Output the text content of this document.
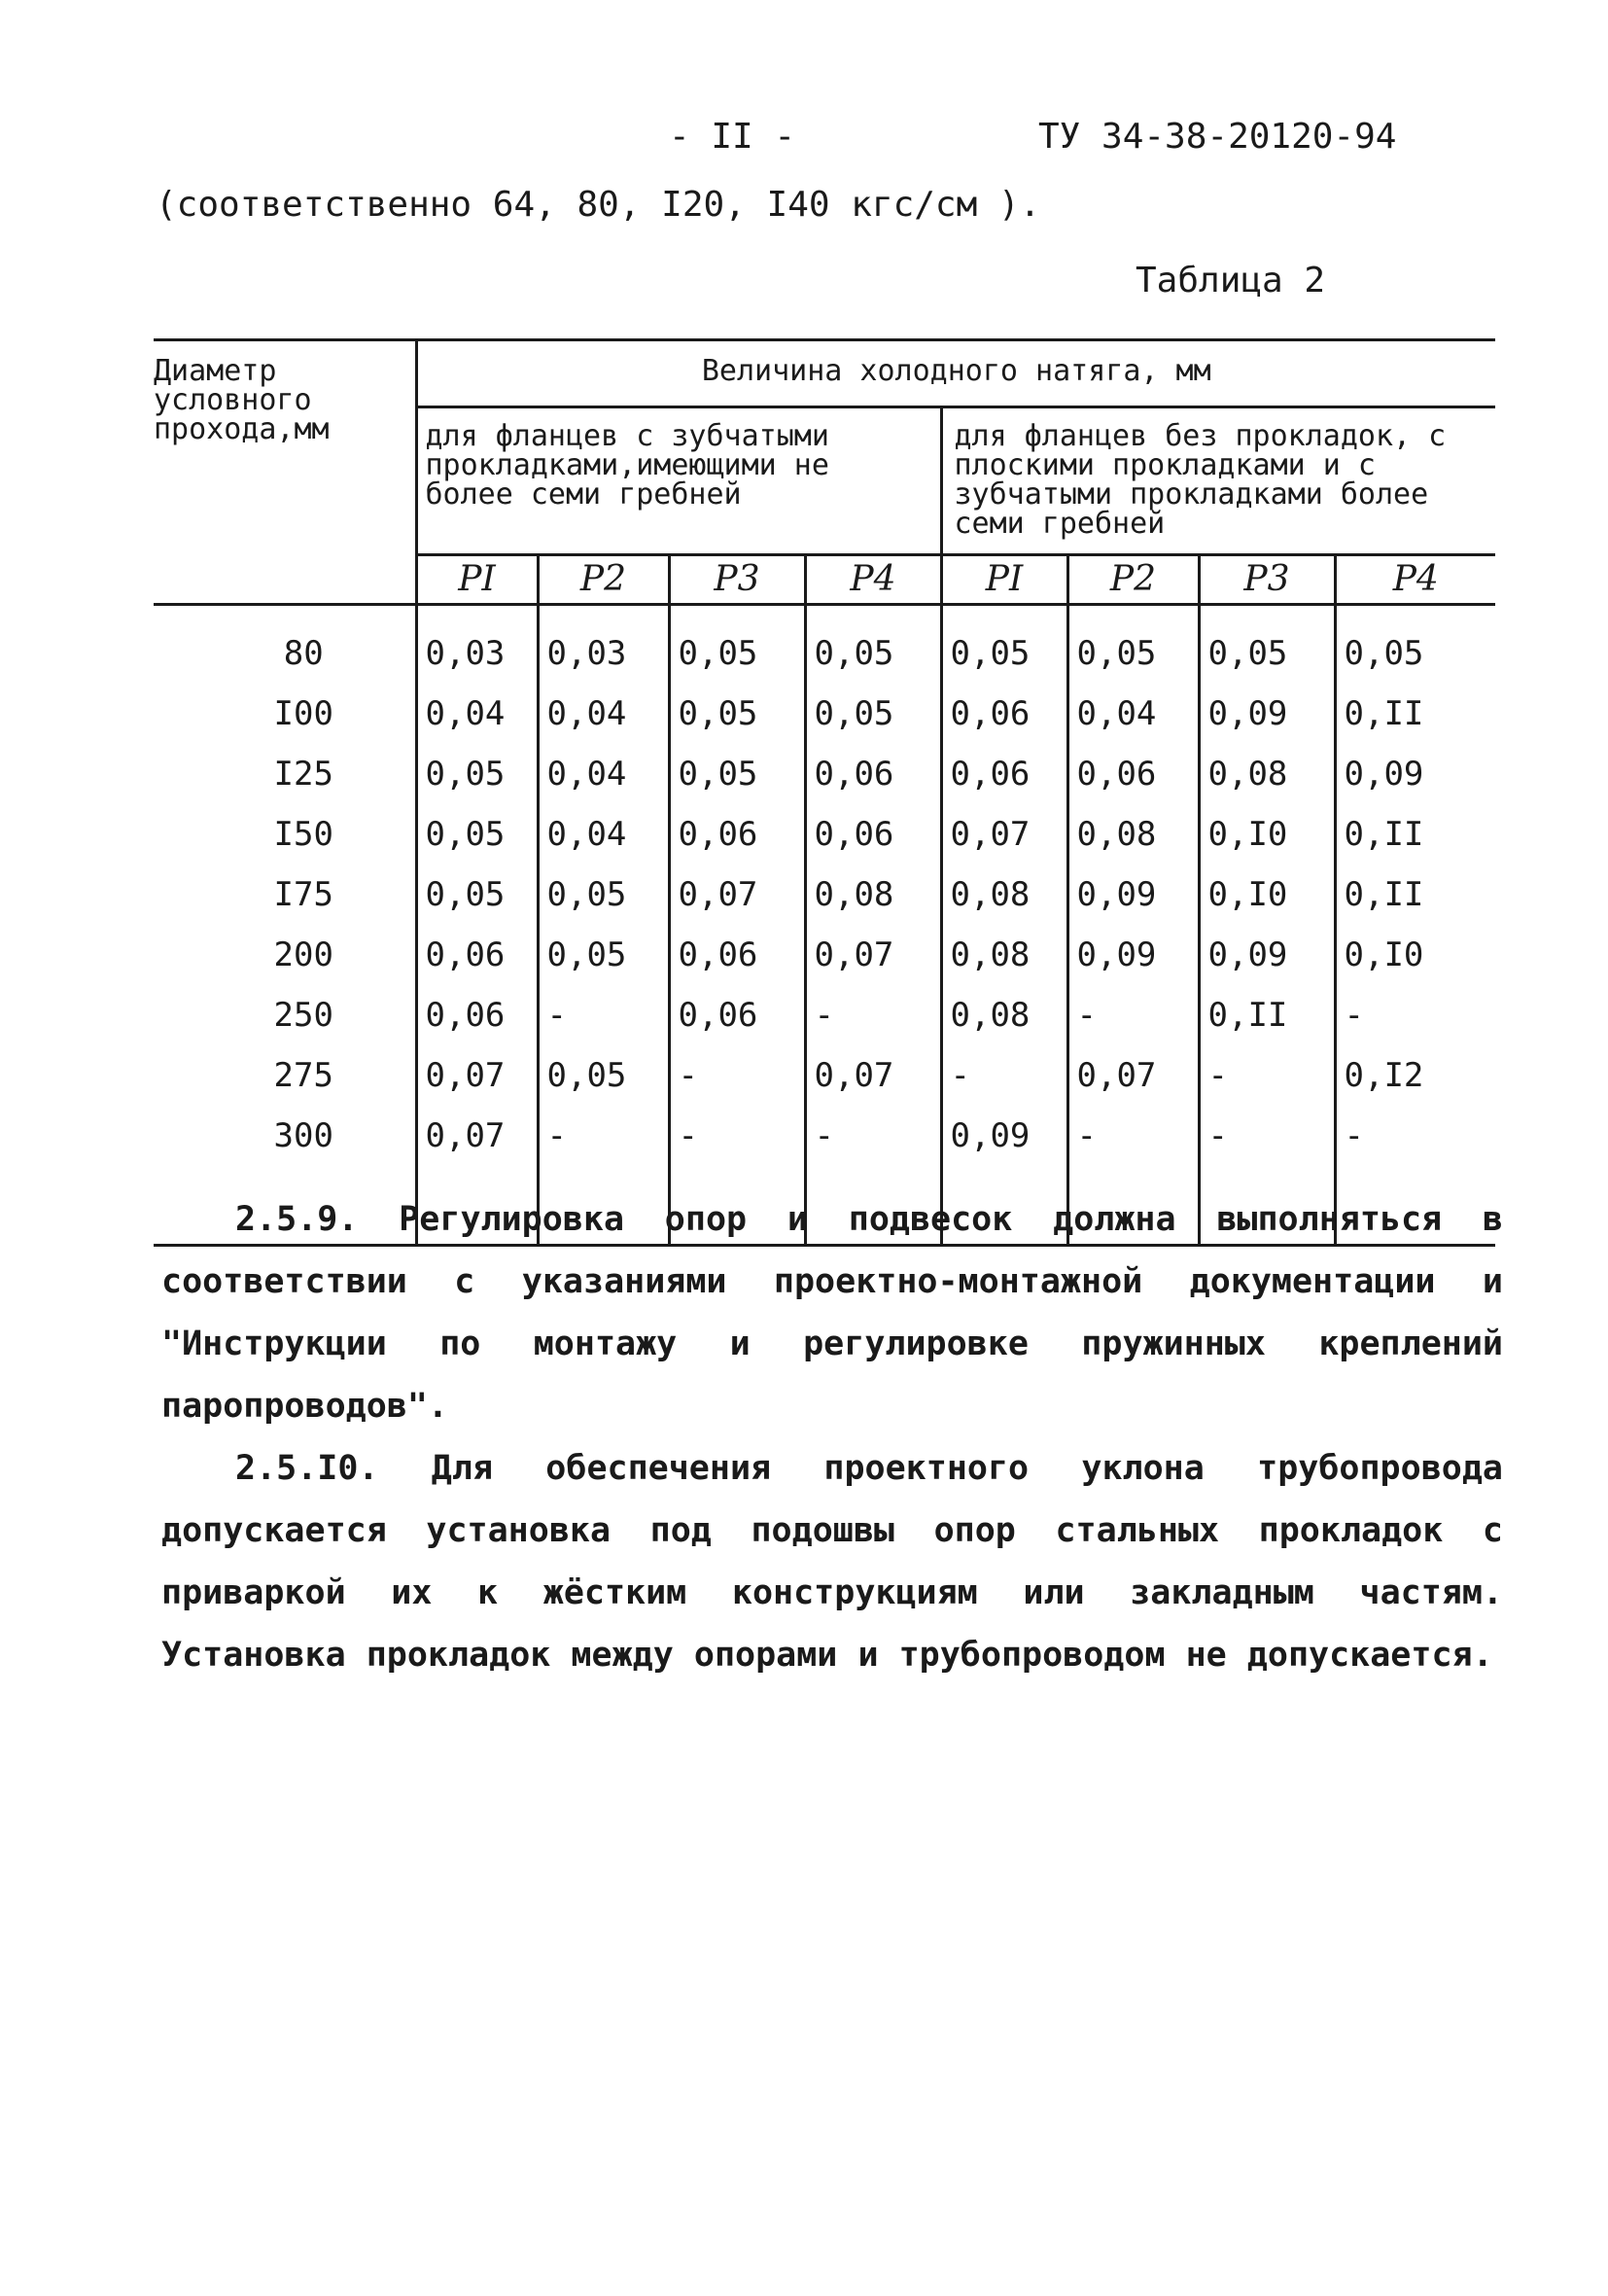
- II -	ТУ 34-38-20120-94
(соответственно 64, 80, I20, I40 кгс/см ).
Таблица 2
Диаметр условного прохода,мм	Величина холодного натяга, мм							

	для фланцев с зубчатыми прокладками,имеющими не более семи гребней				для фланцев без прокладок, с плоскими прокладками и с зубчатыми прокладками более семи гребней			

	PI	P2	P3	P4	PI	P2	P3	P4
80	0,03	0,03	0,05	0,05	0,05	0,05	0,05	0,05
I00	0,04	0,04	0,05	0,05	0,06	0,04	0,09	0,II
I25	0,05	0,04	0,05	0,06	0,06	0,06	0,08	0,09
I50	0,05	0,04	0,06	0,06	0,07	0,08	0,I0	0,II
I75	0,05	0,05	0,07	0,08	0,08	0,09	0,I0	0,II
200	0,06	0,05	0,06	0,07	0,08	0,09	0,09	0,I0
250	0,06	-	0,06	-	0,08	-	0,II	-
275	0,07	0,05	-	0,07	-	0,07	-	0,I2
300	0,07	-	-	-	0,09	-	-	-

2.5.9. Регулировка опор и подвесок должна выполняться в соответствии с указаниями проектно-монтажной документации и "Инструкции по монтажу и регулировке пружинных креплений паропроводов".

2.5.I0. Для обеспечения проектного уклона трубопровода допускается установка под подошвы опор стальных прокладок с приваркой их к жёстким конструкциям или закладным частям. Установка прокладок между опорами и трубопроводом не допускается.
